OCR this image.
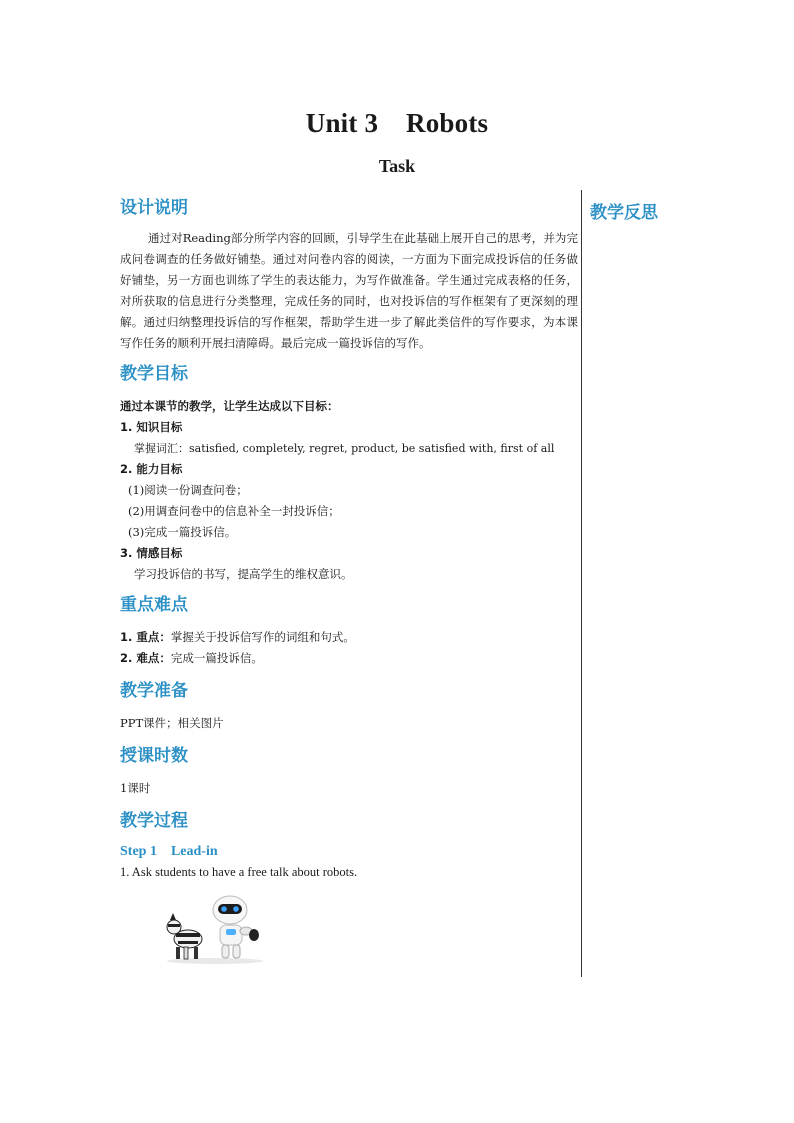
Unit 3    Robots
Task
教学反思
设计说明

通过对Reading部分所学内容的回顾，引导学生在此基础上展开自己的思考，并为完成问卷调查的任务做好铺垫。通过对问卷内容的阅读，一方面为下面完成投诉信的任务做好铺垫，另一方面也训练了学生的表达能力，为写作做准备。学生通过完成表格的任务，对所获取的信息进行分类整理，完成任务的同时，也对投诉信的写作框架有了更深刻的理解。通过归纳整理投诉信的写作框架，帮助学生进一步了解此类信件的写作要求，为本课写作任务的顺利开展扫清障碍。最后完成一篇投诉信的写作。

教学目标

通过本课节的教学，让学生达成以下目标：

1. 知识目标

掌握词汇：satisfied, completely, regret, product, be satisfied with, first of all

2. 能力目标

(1)阅读一份调查问卷；

(2)用调查问卷中的信息补全一封投诉信；

(3)完成一篇投诉信。

3. 情感目标

学习投诉信的书写，提高学生的维权意识。

重点难点

1. 重点：掌握关于投诉信写作的词组和句式。

2. 难点：完成一篇投诉信。

教学准备

PPT课件；相关图片

授课时数

1课时

教学过程

Step 1    Lead-in

1. Ask students to have a free talk about robots.
